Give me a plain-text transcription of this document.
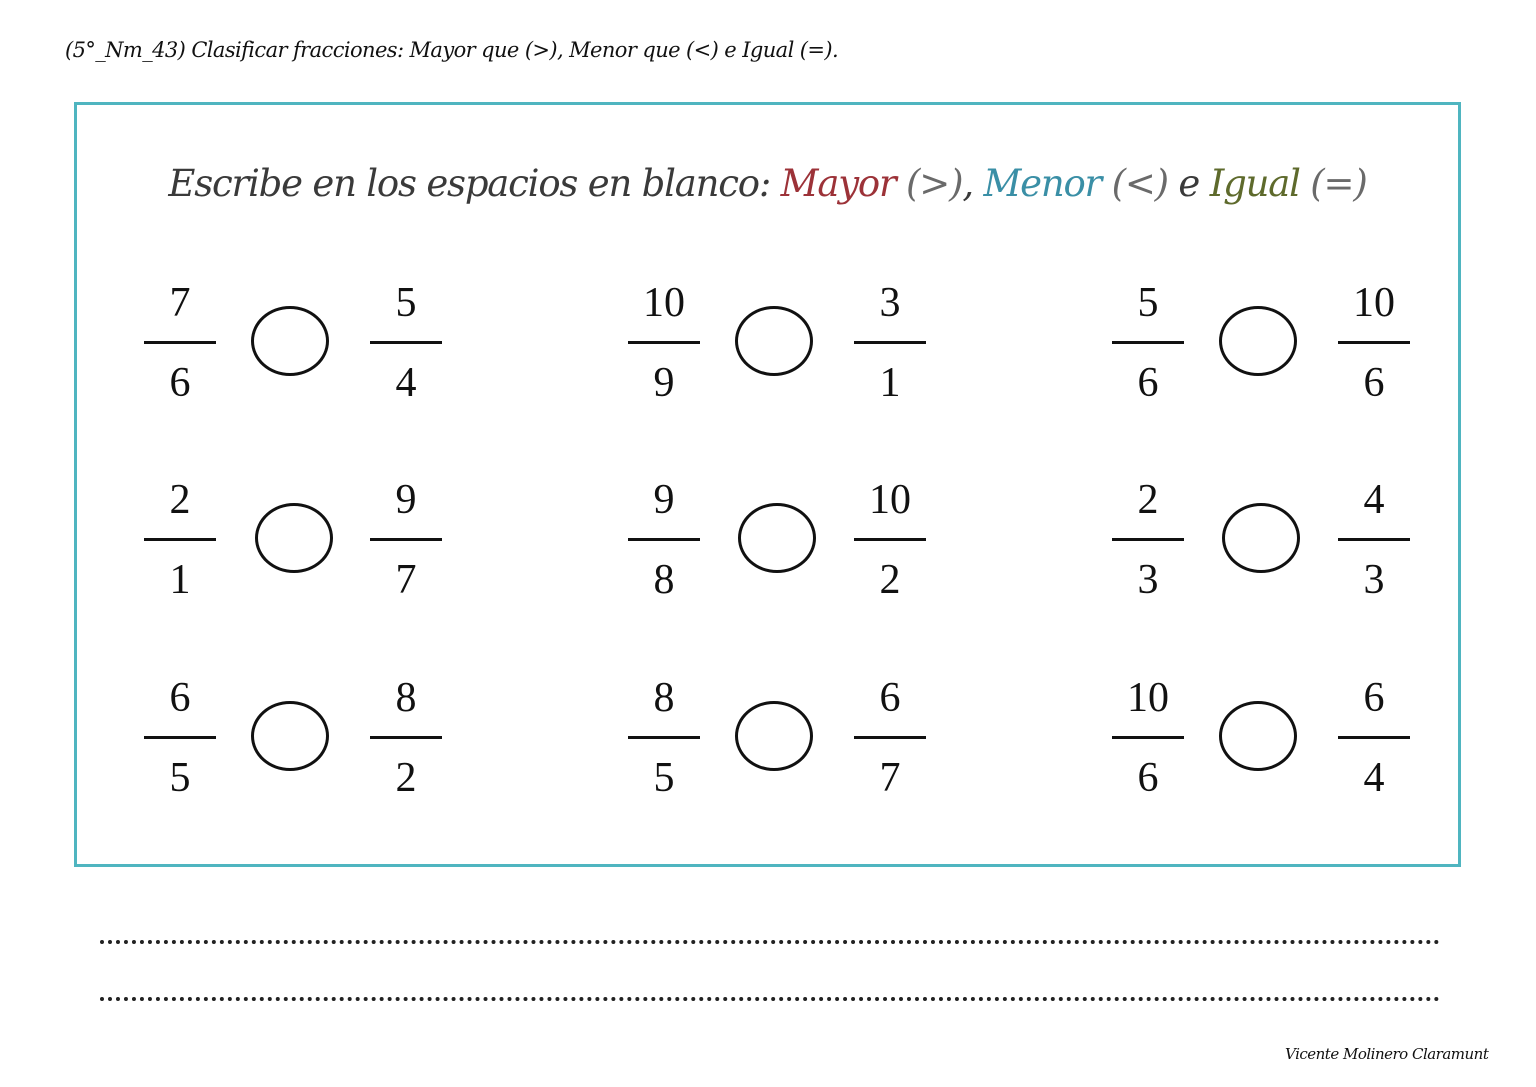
(5°_Nm_43) Clasificar fracciones: Mayor que (>), Menor que (<) e Igual (=).
Escribe en los espacios en blanco: Mayor (>), Menor (<) e Igual (=)
7
6
5
4
10
9
3
1
5
6
10
6
2
1
9
7
9
8
10
2
2
3
4
3
6
5
8
2
8
5
6
7
10
6
6
4
Vicente Molinero Claramunt
